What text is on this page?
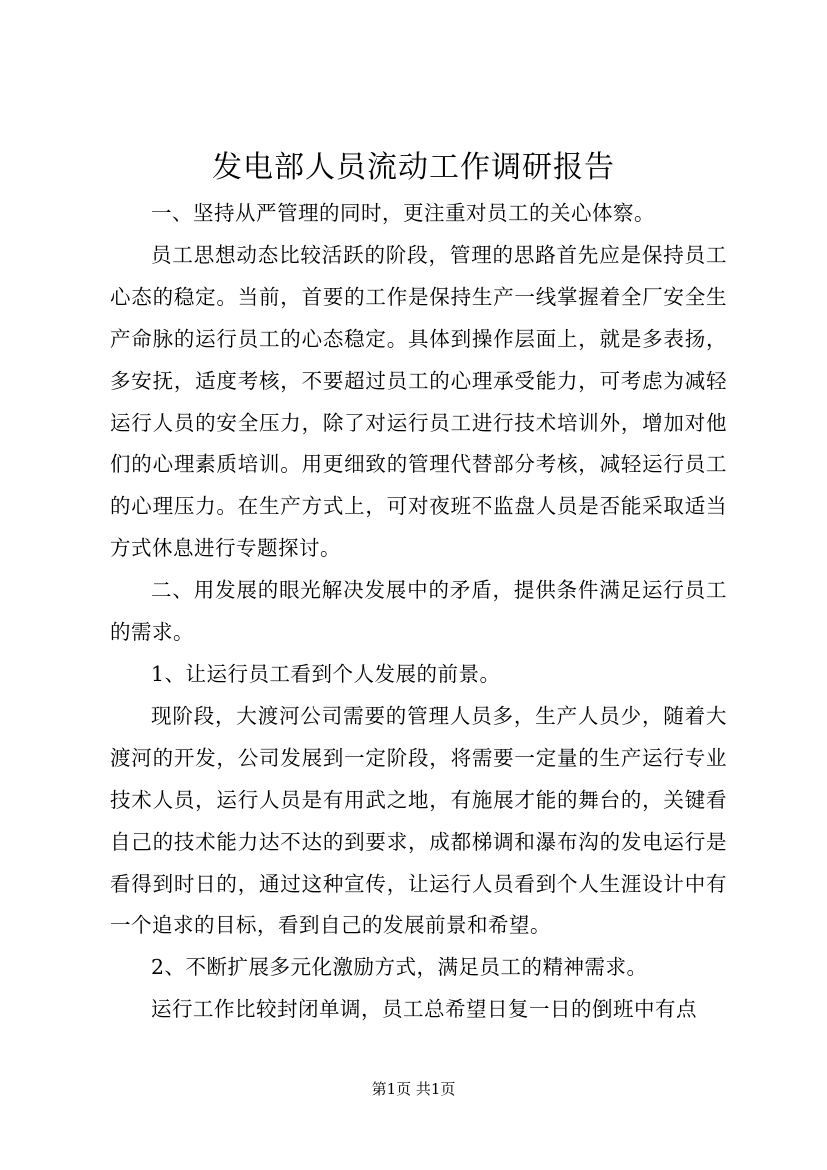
发电部人员流动工作调研报告

一、坚持从严管理的同时，更注重对员工的关心体察。

员工思想动态比较活跃的阶段，管理的思路首先应是保持员工心态的稳定。当前，首要的工作是保持生产一线掌握着全厂安全生产命脉的运行员工的心态稳定。具体到操作层面上，就是多表扬，多安抚，适度考核，不要超过员工的心理承受能力，可考虑为减轻运行人员的安全压力，除了对运行员工进行技术培训外，增加对他们的心理素质培训。用更细致的管理代替部分考核，减轻运行员工的心理压力。在生产方式上，可对夜班不监盘人员是否能采取适当方式休息进行专题探讨。

二、用发展的眼光解决发展中的矛盾，提供条件满足运行员工的需求。

1、让运行员工看到个人发展的前景。

现阶段，大渡河公司需要的管理人员多，生产人员少，随着大渡河的开发，公司发展到一定阶段，将需要一定量的生产运行专业技术人员，运行人员是有用武之地，有施展才能的舞台的，关键看自己的技术能力达不达的到要求，成都梯调和瀑布沟的发电运行是看得到时日的，通过这种宣传，让运行人员看到个人生涯设计中有一个追求的目标，看到自己的发展前景和希望。

2、不断扩展多元化激励方式，满足员工的精神需求。

运行工作比较封闭单调，员工总希望日复一日的倒班中有点

第1页 共1页
